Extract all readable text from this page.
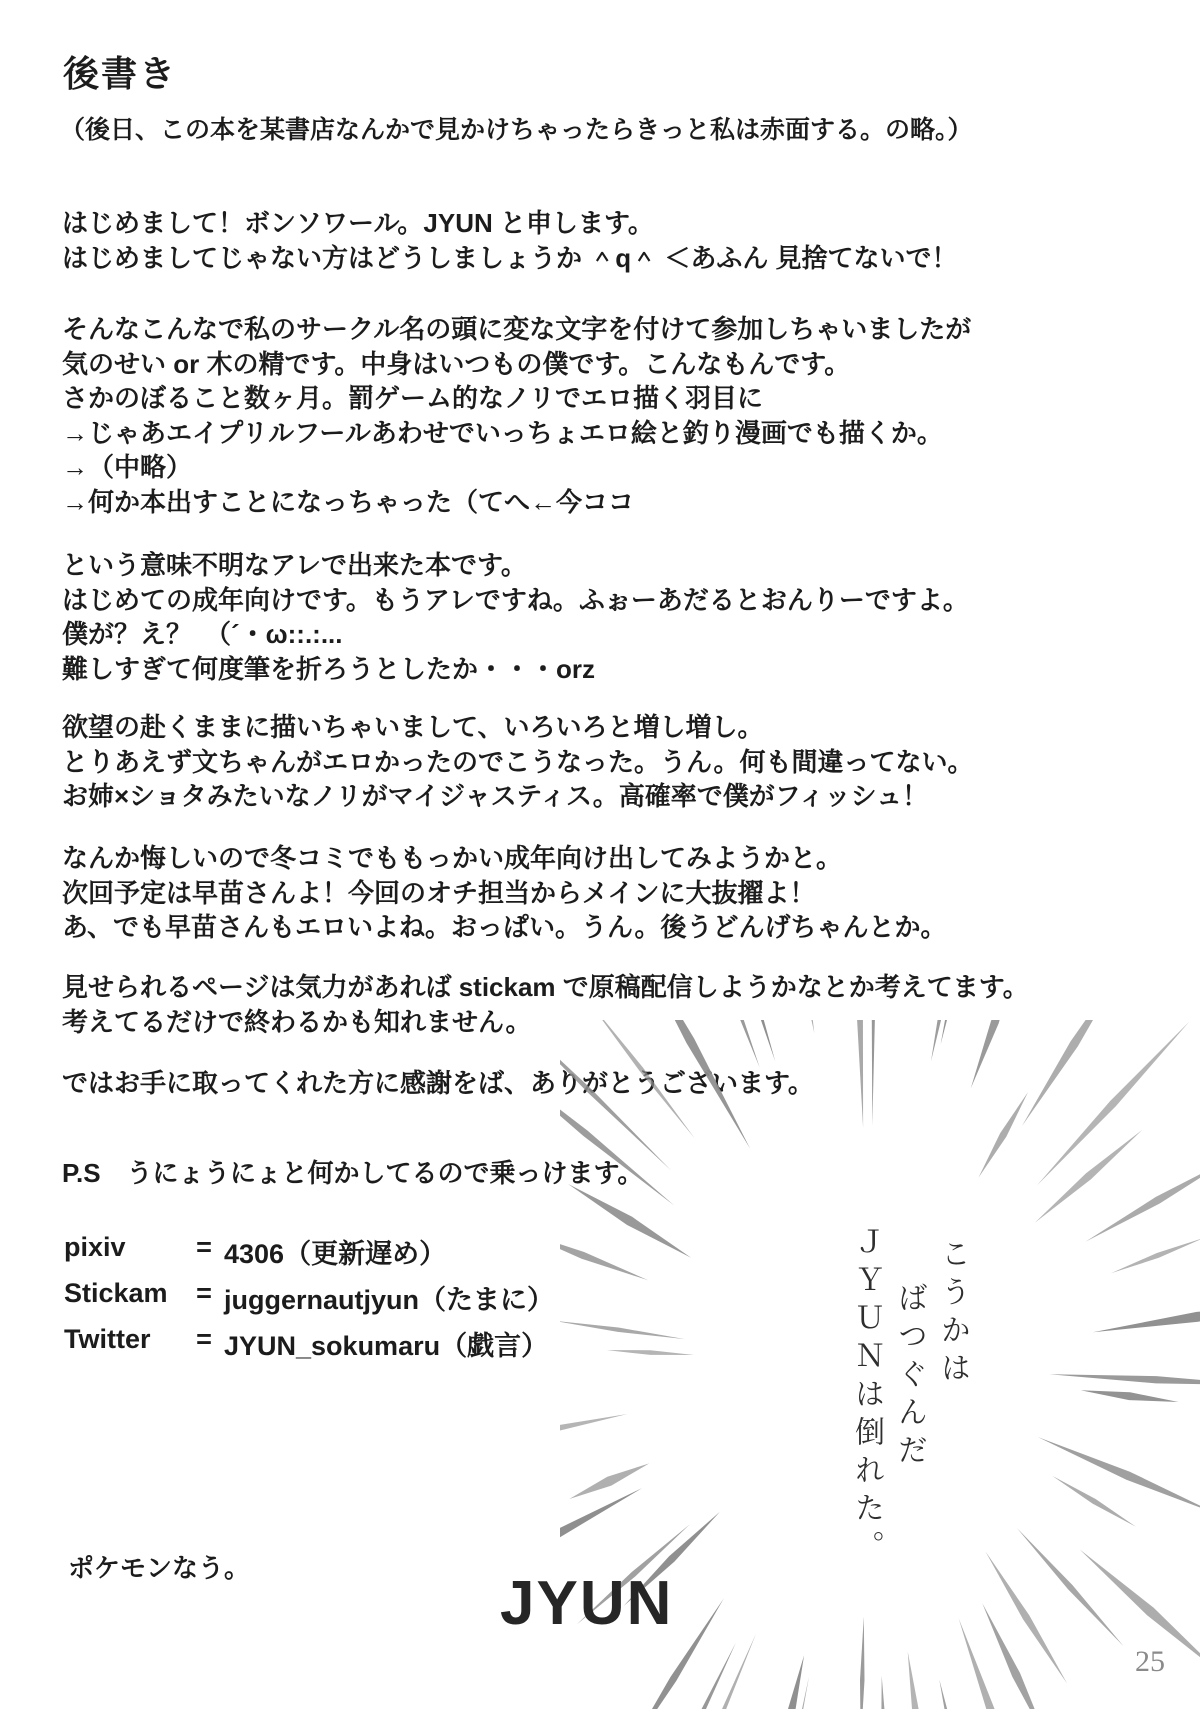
後書き
（後日、この本を某書店なんかで見かけちゃったらきっと私は赤面する。の略。）
はじめまして！ボンソワール。JYUN と申します。
はじめましてじゃない方はどうしましょうか ＾q＾ ＜あふん 見捨てないで！
そんなこんなで私のサークル名の頭に変な文字を付けて参加しちゃいましたが
気のせい or 木の精です。中身はいつもの僕です。こんなもんです。
さかのぼること数ヶ月。罰ゲーム的なノリでエロ描く羽目に
→じゃあエイプリルフールあわせでいっちょエロ絵と釣り漫画でも描くか。
→（中略）
→何か本出すことになっちゃった（てへ←今ココ
という意味不明なアレで出来た本です。
はじめての成年向けです。もうアレですね。ふぉーあだるとおんりーですよ。
僕が？え？　（´・ω::.:...
難しすぎて何度筆を折ろうとしたか・・・orz
欲望の赴くままに描いちゃいまして、いろいろと増し増し。
とりあえず文ちゃんがエロかったのでこうなった。うん。何も間違ってない。
お姉×ショタみたいなノリがマイジャスティス。高確率で僕がフィッシュ！
なんか悔しいので冬コミでももっかい成年向け出してみようかと。
次回予定は早苗さんよ！今回のオチ担当からメインに大抜擢よ！
あ、でも早苗さんもエロいよね。おっぱい。うん。後うどんげちゃんとか。
見せられるページは気力があれば stickam で原稿配信しようかなとか考えてます。
考えてるだけで終わるかも知れません。
ではお手に取ってくれた方に感謝をば、ありがとうございます。
P.S　うにょうにょと何かしてるので乗っけます。
pixiv	= 4306（更新遅め）
Stickam	= juggernautjyun（たまに）
Twitter	= JYUN_sokumaru（戯言）
ポケモンなう。
こうかは
ばつぐんだ
ＪＹＵＮは倒れた。
JYUN
25
